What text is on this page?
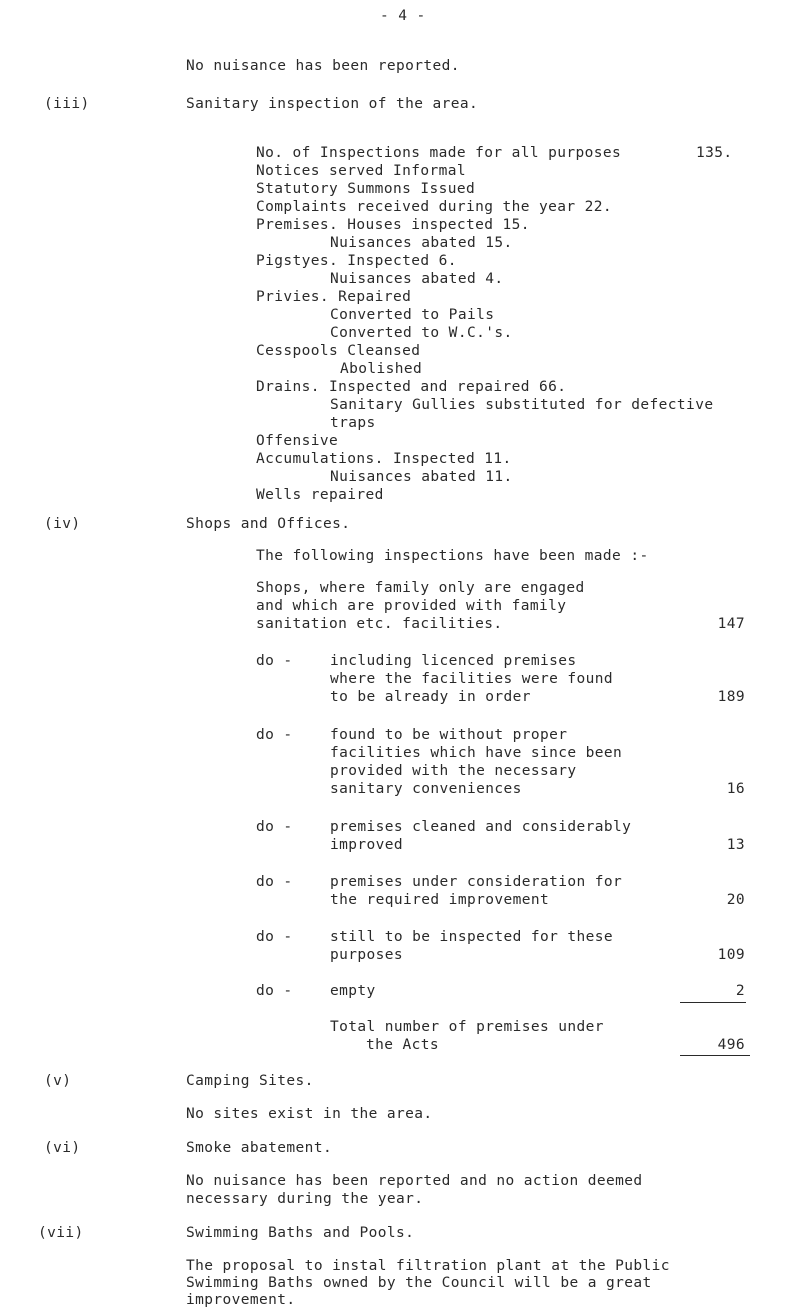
- 4 -
No nuisance has been reported.
(iii)	Sanitary inspection of the area.
No. of Inspections made for all purposes	135.
Notices served Informal
Statutory Summons Issued
Complaints received during the year 22.
Premises. Houses inspected 15.
Nuisances abated 15.
Pigstyes. Inspected 6.
Nuisances abated 4.
Privies. Repaired
Converted to Pails
Converted to W.C.'s.
Cesspools Cleansed
Abolished
Drains. Inspected and repaired 66.
Sanitary Gullies substituted for defective
traps
Offensive
Accumulations. Inspected 11.
Nuisances abated 11.
Wells repaired
(iv)	Shops and Offices.
The following inspections have been made :-
Shops, where family only are engaged
and which are provided with family
sanitation etc. facilities.	147
do -	including licenced premises
where the facilities were found
to be already in order	189
do -	found to be without proper
facilities which have since been
provided with the necessary
sanitary conveniences	16
do -	premises cleaned and considerably
improved	13
do -	premises under consideration for
the required improvement	20
do -	still to be inspected for these
purposes	109
do -	empty	2
Total number of premises under
the Acts	496
(v)	Camping Sites.
No sites exist in the area.
(vi)	Smoke abatement.
No nuisance has been reported and no action deemed
necessary during the year.
(vii)	Swimming Baths and Pools.
The proposal to instal filtration plant at the Public
Swimming Baths owned by the Council will be a great
improvement.
